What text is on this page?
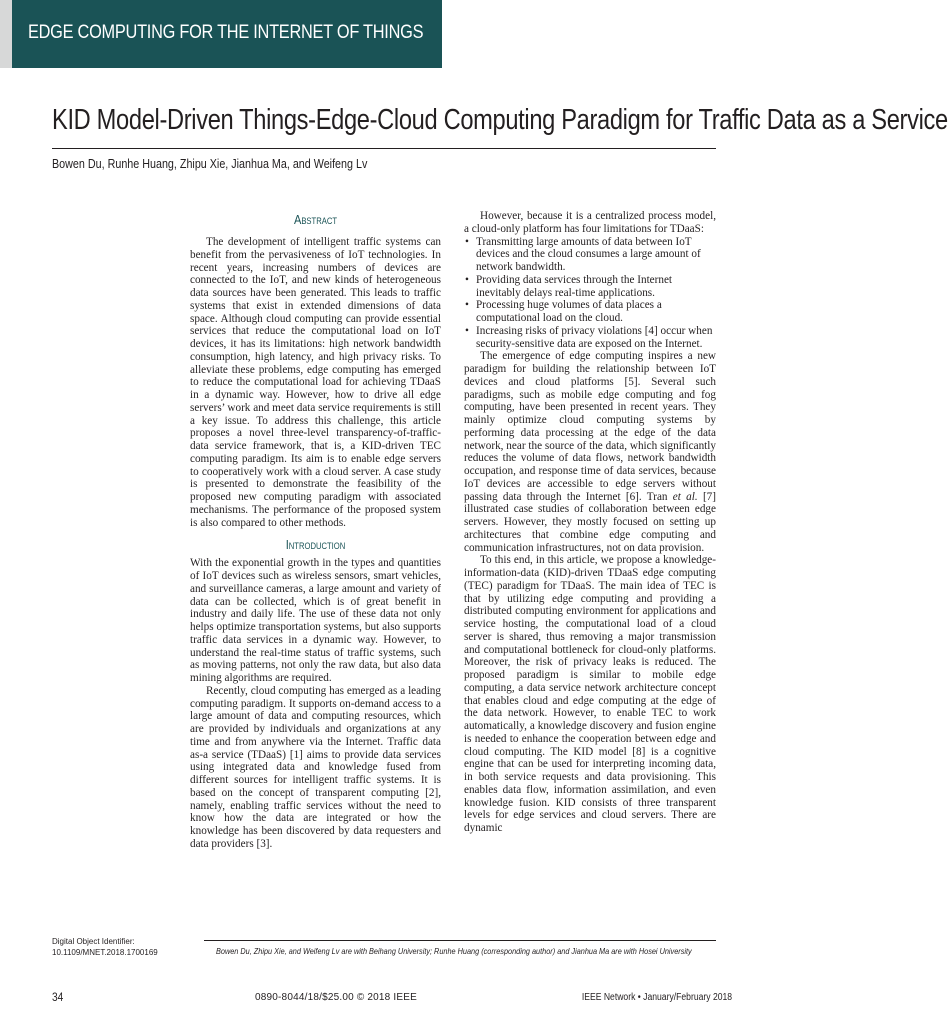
EDGE COMPUTING FOR THE INTERNET OF THINGS
KID Model-Driven Things-Edge-Cloud Computing Paradigm for Traffic Data as a Service
Bowen Du, Runhe Huang, Zhipu Xie, Jianhua Ma, and Weifeng Lv
Abstract

The development of intelligent traffic systems can benefit from the pervasiveness of IoT technologies. In recent years, increasing numbers of devices are connected to the IoT, and new kinds of heterogeneous data sources have been generated. This leads to traffic systems that exist in extended dimensions of data space. Although cloud computing can provide essential services that reduce the computational load on IoT devices, it has its limitations: high network bandwidth consumption, high latency, and high privacy risks. To alleviate these problems, edge computing has emerged to reduce the computational load for achieving TDaaS in a dynamic way. However, how to drive all edge servers’ work and meet data service requirements is still a key issue. To address this challenge, this article proposes a novel three-level transparency-of-traffic-data service framework, that is, a KID-driven TEC computing paradigm. Its aim is to enable edge servers to cooperatively work with a cloud server. A case study is presented to demonstrate the feasibility of the proposed new computing paradigm with associated mechanisms. The performance of the proposed system is also compared to other methods.

Introduction

With the exponential growth in the types and quantities of IoT devices such as wireless sensors, smart vehicles, and surveillance cameras, a large amount and variety of data can be collected, which is of great benefit in industry and daily life. The use of these data not only helps optimize transportation systems, but also supports traffic data services in a dynamic way. However, to understand the real-time status of traffic systems, such as moving patterns, not only the raw data, but also data mining algorithms are required.

Recently, cloud computing has emerged as a leading computing paradigm. It supports on-demand access to a large amount of data and computing resources, which are provided by individuals and organizations at any time and from anywhere via the Internet. Traffic data as-a service (TDaaS) [1] aims to provide data services using integrated data and knowledge fused from different sources for intelligent traffic systems. It is based on the concept of transparent computing [2], namely, enabling traffic services without the need to know how the data are integrated or how the knowledge has been discovered by data requesters and data providers [3].

However, because it is a centralized process model, a cloud-only platform has four limitations for TDaaS:

• Transmitting large amounts of data between IoT devices and the cloud consumes a large amount of network bandwidth.
• Providing data services through the Internet inevitably delays real-time applications.
• Processing huge volumes of data places a computational load on the cloud.
• Increasing risks of privacy violations [4] occur when security-sensitive data are exposed on the Internet.

The emergence of edge computing inspires a new paradigm for building the relationship between IoT devices and cloud platforms [5]. Several such paradigms, such as mobile edge computing and fog computing, have been presented in recent years. They mainly optimize cloud computing systems by performing data processing at the edge of the data network, near the source of the data, which significantly reduces the volume of data flows, network bandwidth occupation, and response time of data services, because IoT devices are accessible to edge servers without passing data through the Internet [6]. Tran et al. [7] illustrated case studies of collaboration between edge servers. However, they mostly focused on setting up architectures that combine edge computing and communication infrastructures, not on data provision.

To this end, in this article, we propose a knowledge-information-data (KID)-driven TDaaS edge computing (TEC) paradigm for TDaaS. The main idea of TEC is that by utilizing edge computing and providing a distributed computing environment for applications and service hosting, the computational load of a cloud server is shared, thus removing a major transmission and computational bottleneck for cloud-only platforms. Moreover, the risk of privacy leaks is reduced. The proposed paradigm is similar to mobile edge computing, a data service network architecture concept that enables cloud and edge computing at the edge of the data network. However, to enable TEC to work automatically, a knowledge discovery and fusion engine is needed to enhance the cooperation between edge and cloud computing. The KID model [8] is a cognitive engine that can be used for interpreting incoming data, in both service requests and data provisioning. This enables data flow, information assimilation, and even knowledge fusion. KID consists of three transparent levels for edge services and cloud servers. There are dynamic

Digital Object Identifier:
10.1109/MNET.2018.1700169	Bowen Du, Zhipu Xie, and Weifeng Lv are with Beihang University; Runhe Huang (corresponding author) and Jianhua Ma are with Hosei University
34	0890-8044/18/$25.00 © 2018 IEEE	IEEE Network • January/February 2018
